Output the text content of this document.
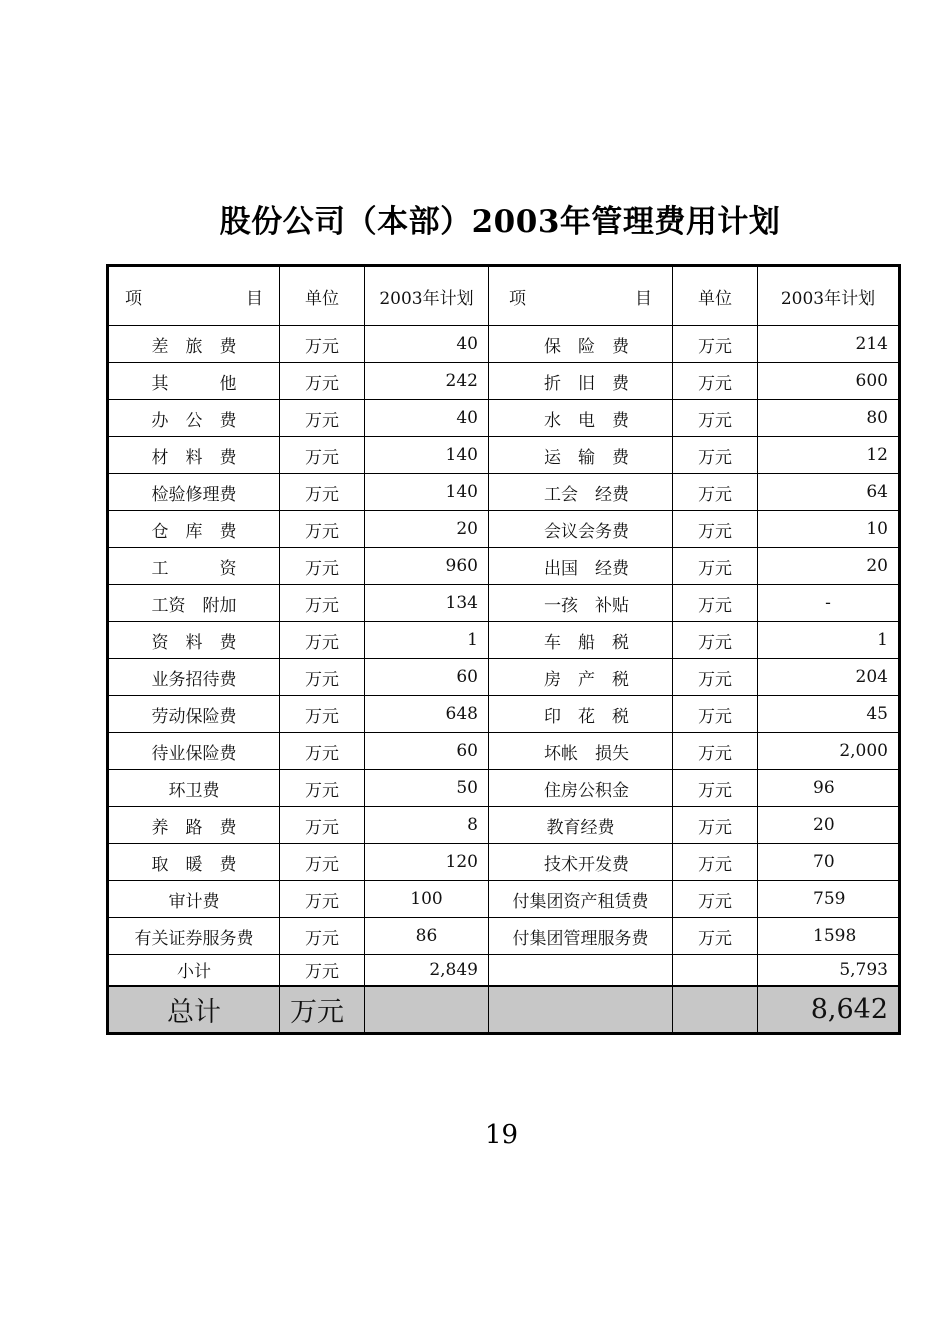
股份公司（本部）2003年管理费用计划
项 目	单位	2003年计划	项 目	单位	2003年计划
差　旅　费	万元	40	保　险　费	万元	214
其　　　他	万元	242	折　旧　费	万元	600
办　公　费	万元	40	水　电　费	万元	80
材　料　费	万元	140	运　输　费	万元	12
检验修理费	万元	140	工会　经费	万元	64
仓　库　费	万元	20	会议会务费	万元	10
工　　　资	万元	960	出国　经费	万元	20
工资　附加	万元	134	一孩　补贴	万元	-
资　料　费	万元	1	车　船　税	万元	1
业务招待费	万元	60	房　产　税	万元	204
劳动保险费	万元	648	印　花　税	万元	45
待业保险费	万元	60	坏帐　损失	万元	2,000
环卫费	万元	50	住房公积金	万元	96
养　路　费	万元	8	教育经费	万元	20
取　暖　费	万元	120	技术开发费	万元	70
审计费	万元	100	付集团资产租赁费	万元	759
有关证券服务费	万元	86	付集团管理服务费	万元	1598
小计	万元	2,849			5,793
总计	万元				8,642
19
